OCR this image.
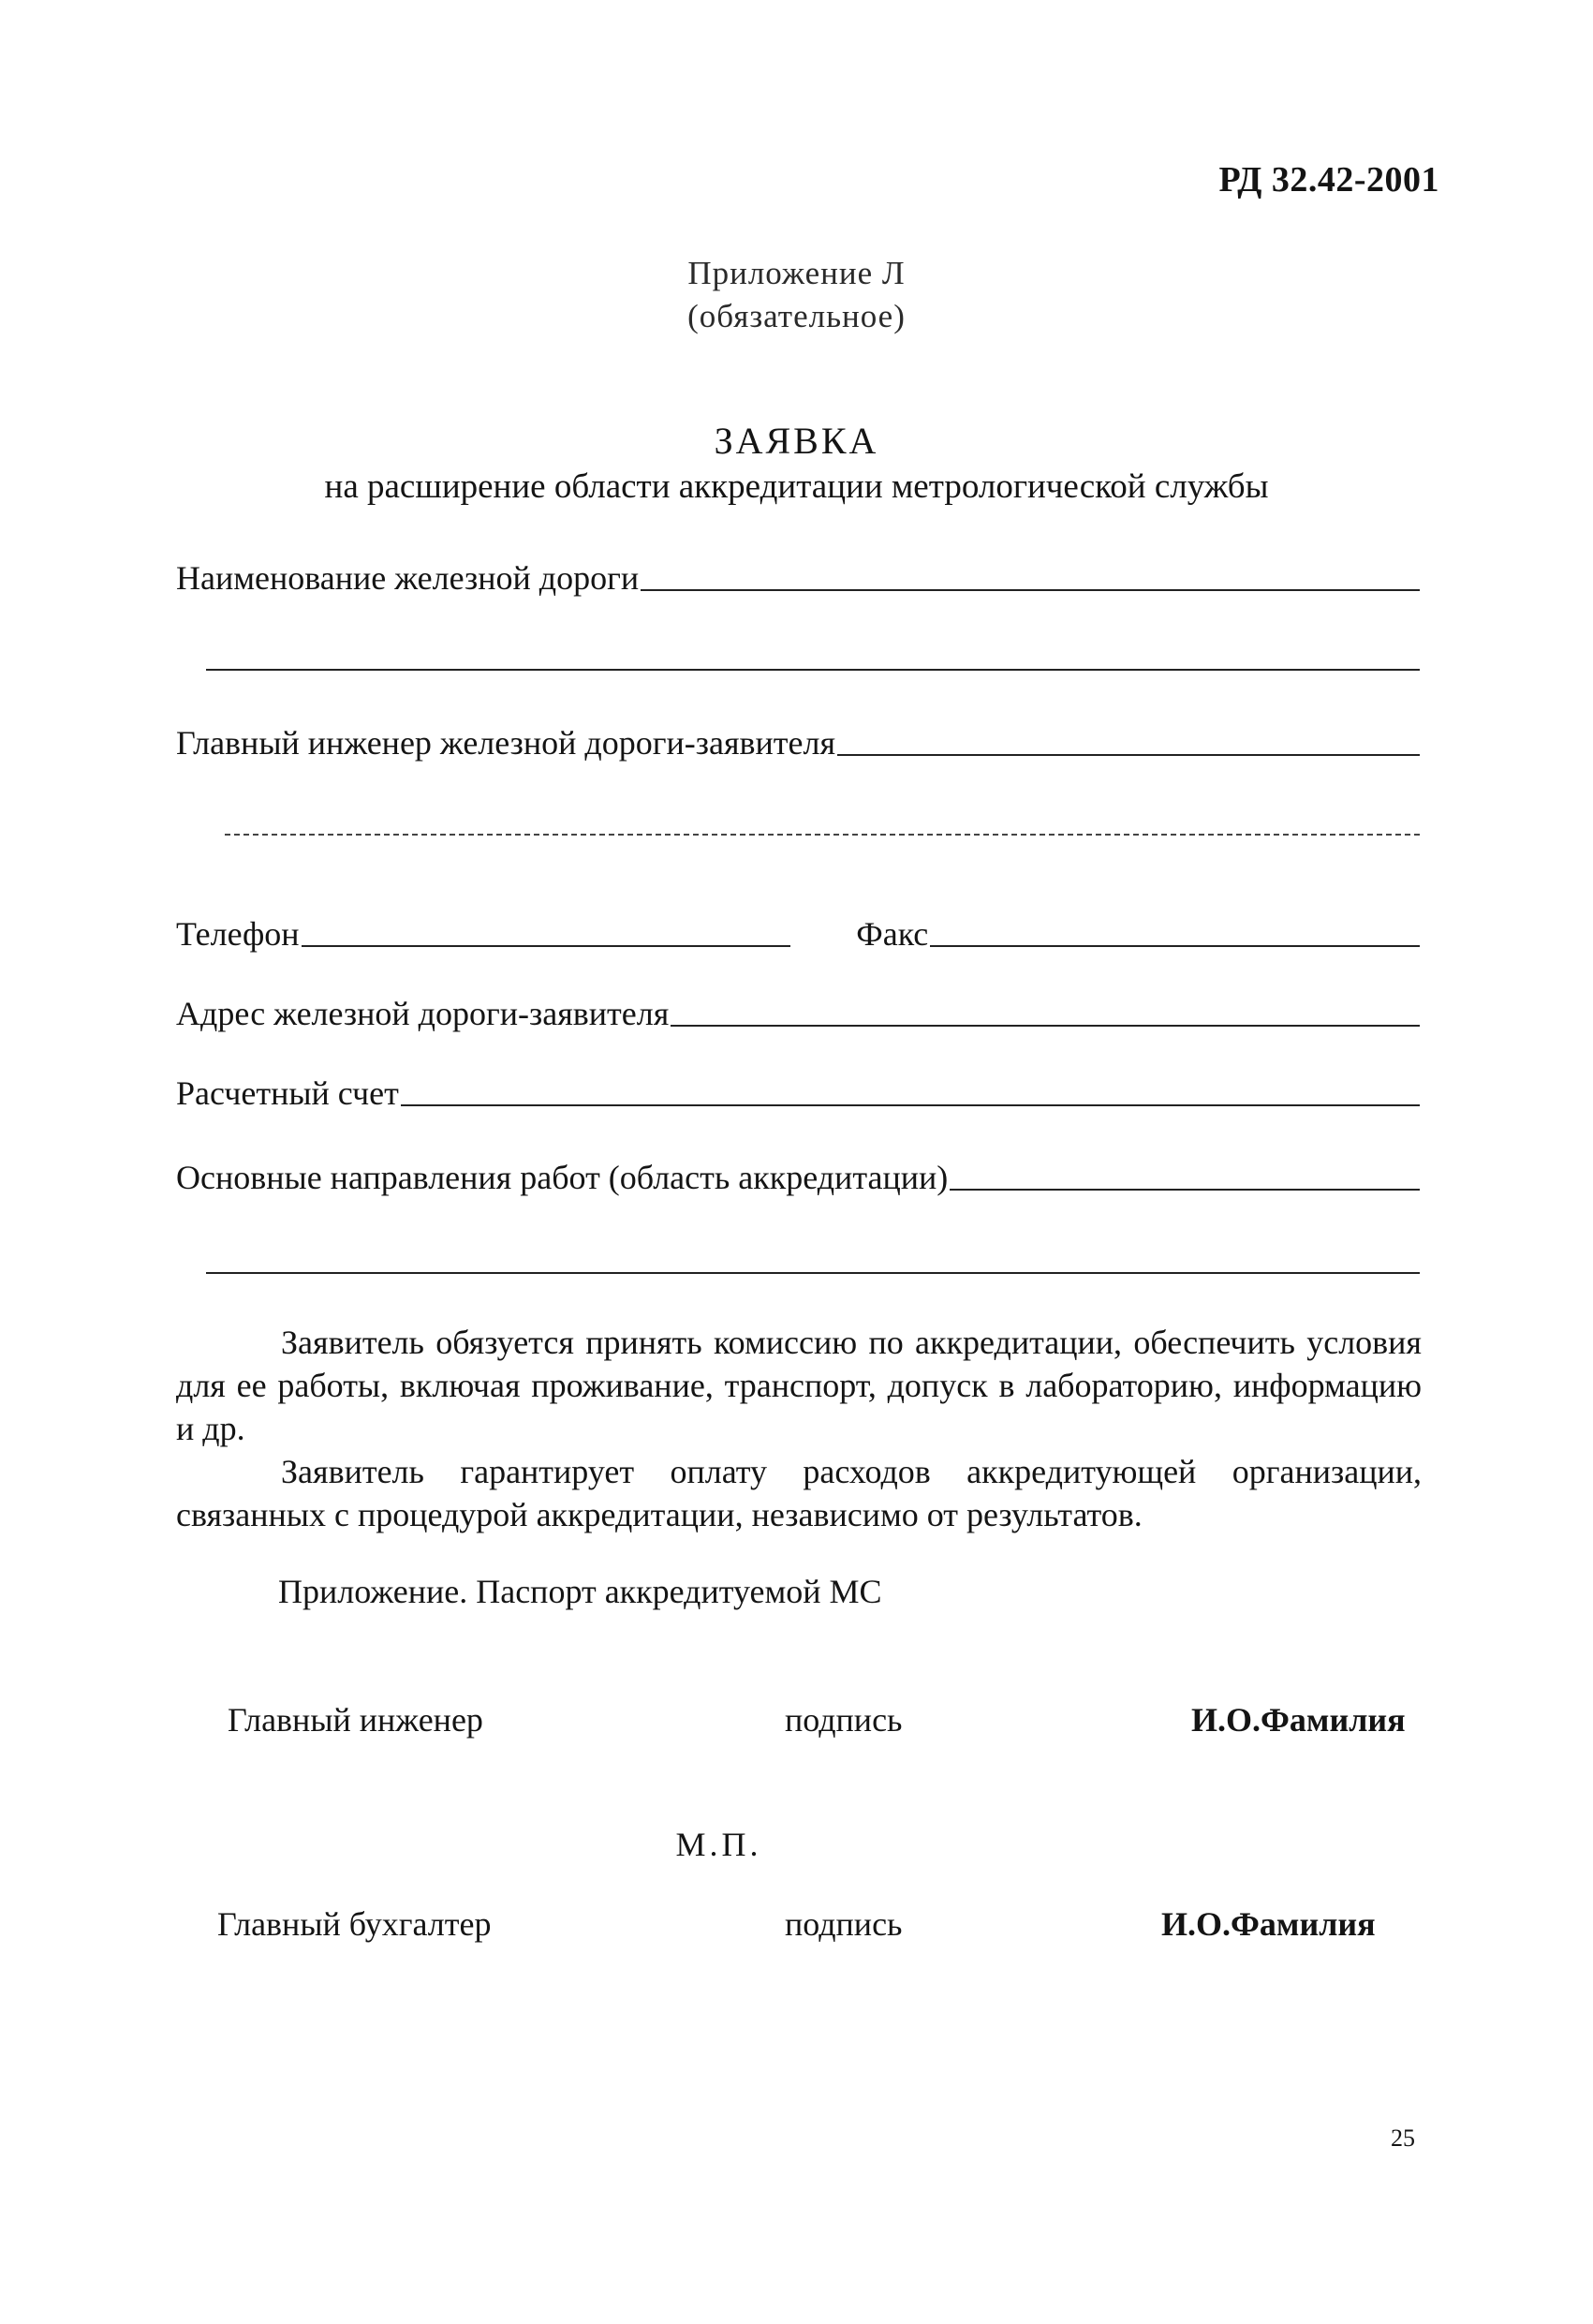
РД 32.42-2001
Приложение Л
(обязательное)
ЗАЯВКА
на расширение области аккредитации метрологической службы
Наименование железной дороги
Главный инженер железной дороги-заявителя
Телефон	Факс
Адрес железной дороги-заявителя
Расчетный счет
Основные направления работ (область аккредитации)

Заявитель обязуется принять комиссию по аккредитации, обеспечить условия для ее работы, включая проживание, транспорт, допуск в лабораторию, информацию и др.

Заявитель гарантирует оплату расходов аккредитующей организации, связанных с процедурой аккредитации, независимо от результатов.

Приложение. Паспорт аккредитуемой МС
Главный инженер	подпись	И.О.Фамилия
М.П.
Главный бухгалтер	подпись	И.О.Фамилия
25
